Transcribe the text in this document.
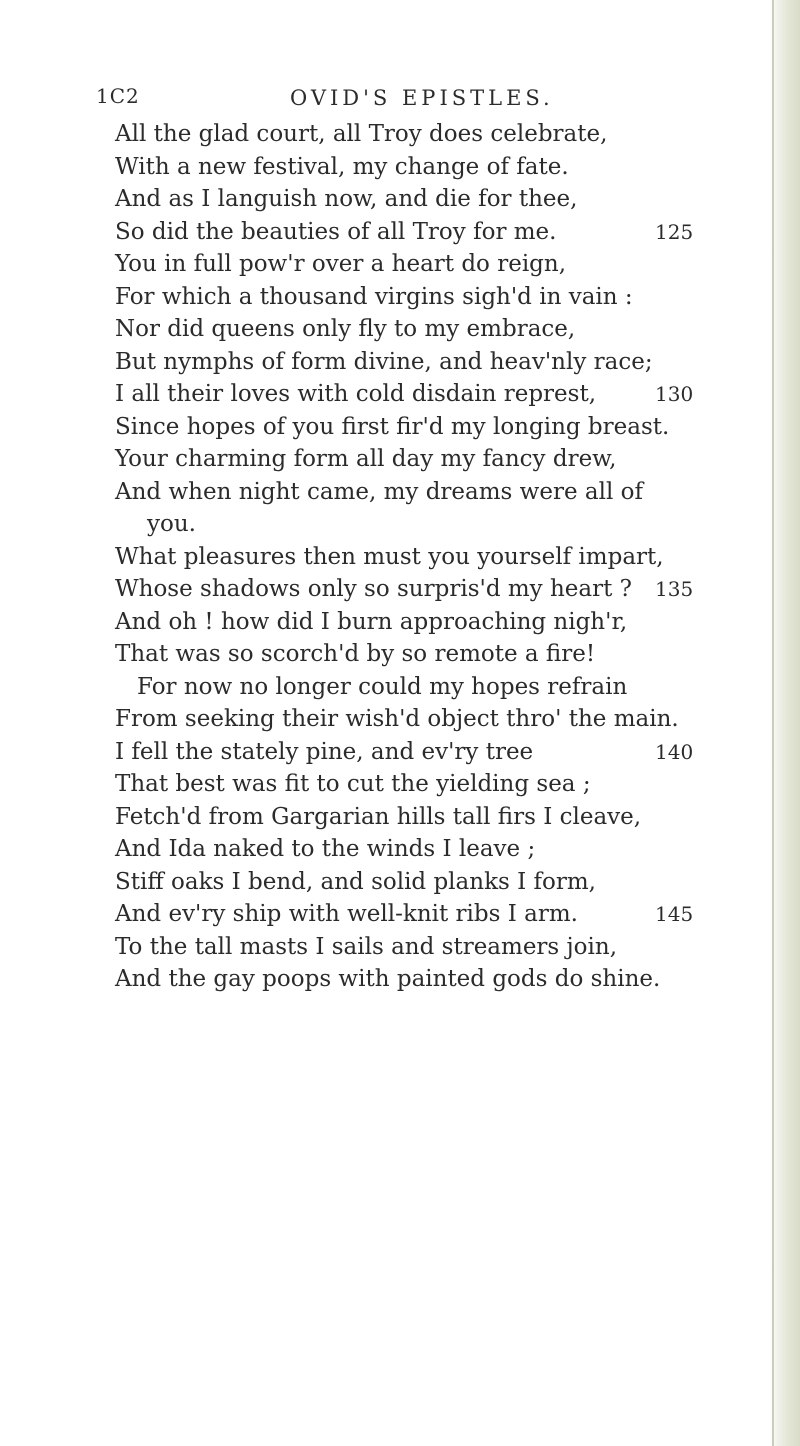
1C2	OVID'S EPISTLES.
All the glad court, all Troy does celebrate,
With a new festival, my change of fate.
And as I languish now, and die for thee,
So did the beauties of all Troy for me.	125
You in full pow'r over a heart do reign,
For which a thousand virgins sigh'd in vain :
Nor did queens only fly to my embrace,
But nymphs of form divine, and heav'nly race;
I all their loves with cold disdain represt,	130
Since hopes of you first fir'd my longing breast.
Your charming form all day my fancy drew,
And when night came, my dreams were all of
you.
What pleasures then must you yourself impart,
Whose shadows only so surpris'd my heart ? 135
And oh ! how did I burn approaching nigh'r,
That was so scorch'd by so remote a fire!
For now no longer could my hopes refrain
From seeking their wish'd object thro' the main.
I fell the stately pine, and ev'ry tree	140
That best was fit to cut the yielding sea ;
Fetch'd from Gargarian hills tall firs I cleave,
And Ida naked to the winds I leave ;
Stiff oaks I bend, and solid planks I form,
And ev'ry ship with well-knit ribs I arm.	145
To the tall masts I sails and streamers join,
And the gay poops with painted gods do shine.
